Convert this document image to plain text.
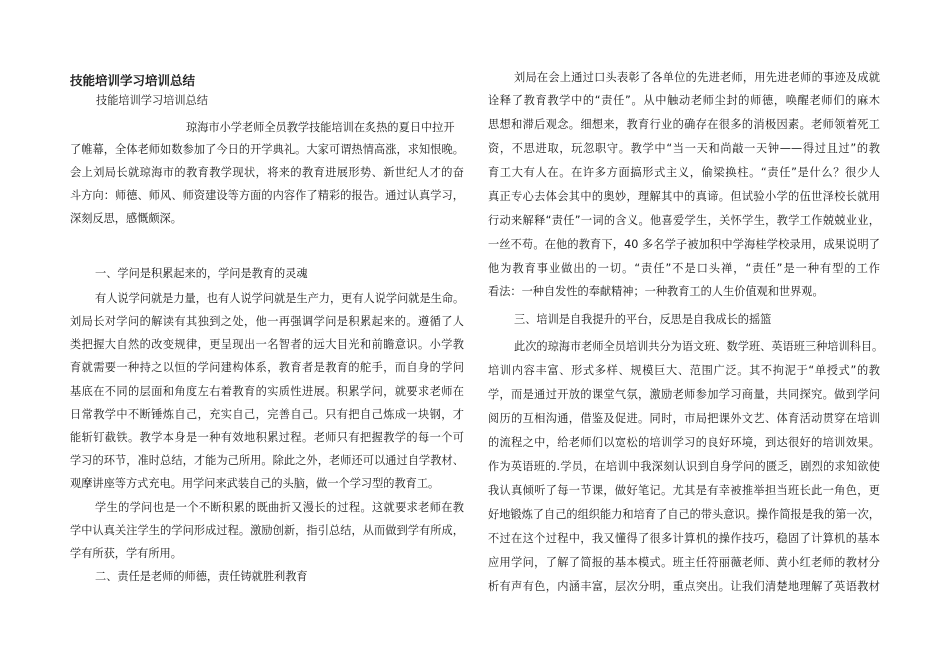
技能培训学习培训总结
技能培训学习培训总结
琼海市小学老师全员教学技能培训在炙热的夏日中拉开
了帷幕，全体老师如数参加了今日的开学典礼。大家可谓热情高涨，求知恨晚。
会上刘局长就琼海市的教育教学现状，将来的教育进展形势、新世纪人才的奋
斗方向：师德、师风、师资建设等方面的内容作了精彩的报告。通过认真学习，
深刻反思，感慨颇深。
一、学问是积累起来的，学问是教育的灵魂
有人说学问就是力量，也有人说学问就是生产力，更有人说学问就是生命。
刘局长对学问的解读有其独到之处，他一再强调学问是积累起来的。遵循了人
类把握大自然的改变规律，更呈现出一名智者的远大目光和前瞻意识。小学教
育就需要一种持之以恒的学问建构体系，教育者是教育的舵手，而自身的学问
基底在不同的层面和角度左右着教育的实质性进展。积累学问，就要求老师在
日常教学中不断锤炼自己，充实自己，完善自己。只有把自己炼成一块钢，才
能斩钉截铁。教学本身是一种有效地积累过程。老师只有把握教学的每一个可
学习的环节，准时总结，才能为己所用。除此之外，老师还可以通过自学教材、
观摩讲座等方式充电。用学问来武装自己的头脑，做一个学习型的教育工。
学生的学问也是一个不断积累的既曲折又漫长的过程。这就要求老师在教
学中认真关注学生的学问形成过程。激励创新，指引总结，从而做到学有所成，
学有所获，学有所用。
二、责任是老师的师德，责任铸就胜利教育
刘局在会上通过口头表彰了各单位的先进老师，用先进老师的事迹及成就
诠释了教育教学中的“责任”。从中触动老师尘封的师德，唤醒老师们的麻木
思想和滞后观念。细想来，教育行业的确存在很多的消极因素。老师领着死工
资，不思进取，玩忽职守。教学中“当一天和尚敲一天钟——得过且过”的教
育工大有人在。在许多方面搞形式主义，偷梁换柱。“责任”是什么？很少人
真正专心去体会其中的奥妙，理解其中的真谛。但试验小学的伍世泽校长就用
行动来解释“责任”一词的含义。他喜爱学生，关怀学生，教学工作兢兢业业，
一丝不苟。在他的教育下，40 多名学子被加积中学海桂学校录用，成果说明了
他为教育事业做出的一切。“责任”不是口头禅，“责任”是一种有型的工作
看法：一种自发性的奉献精神；一种教育工的人生价值观和世界观。
三、培训是自我提升的平台，反思是自我成长的摇篮
此次的琼海市老师全员培训共分为语文班、数学班、英语班三种培训科目。
培训内容丰富、形式多样、规模巨大、范围广泛。其不拘泥于“单授式”的教
学，而是通过开放的课堂气氛，激励老师参加学习商量，共同探究。做到学问
阅历的互相沟通，借鉴及促进。同时，市局把课外文艺、体育活动贯穿在培训
的流程之中，给老师们以宽松的培训学习的良好环境，到达很好的培训效果。
作为英语班的.学员，在培训中我深刻认识到自身学问的匮乏，剧烈的求知欲使
我认真倾听了每一节课，做好笔记。尤其是有幸被推举担当班长此一角色，更
好地锻炼了自己的组织能力和培育了自己的带头意识。操作简报是我的第一次，
不过在这个过程中，我又懂得了很多计算机的操作技巧，稳固了计算机的基本
应用学问，了解了简报的基本模式。班主任符丽薇老师、黄小红老师的教材分
析有声有色，内涵丰富，层次分明，重点突出。让我们清楚地理解了英语教材
